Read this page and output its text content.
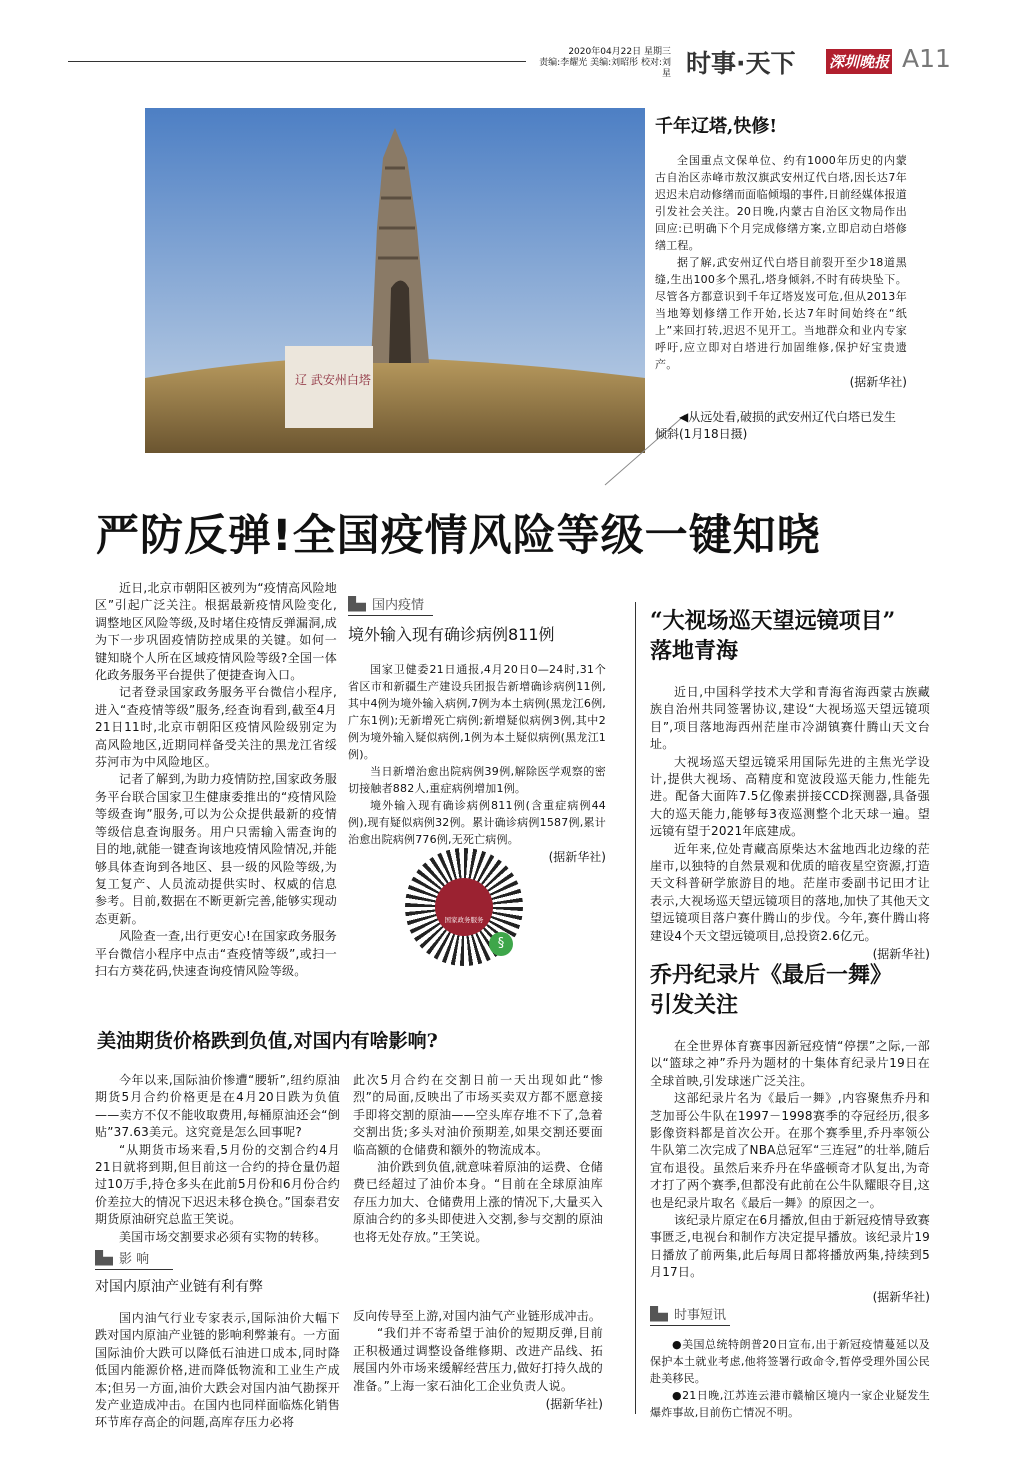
2020年04月22日 星期三
责编:李耀光 美编:刘昭彤 校对:刘星 时事·天下 深圳晚报 A11
辽 武安州白塔
千年辽塔,快修!

全国重点文保单位、约有1000年历史的内蒙古自治区赤峰市敖汉旗武安州辽代白塔,因长达7年迟迟未启动修缮而面临倾塌的事件,日前经媒体报道引发社会关注。20日晚,内蒙古自治区文物局作出回应:已明确下个月完成修缮方案,立即启动白塔修缮工程。

据了解,武安州辽代白塔目前裂开至少18道黑缝,生出100多个黑孔,塔身倾斜,不时有砖块坠下。尽管各方都意识到千年辽塔岌岌可危,但从2013年当地筹划修缮工作开始,长达7年时间始终在“纸上”来回打转,迟迟不见开工。当地群众和业内专家呼吁,应立即对白塔进行加固维修,保护好宝贵遗产。

(据新华社)
◀从远处看,破损的武安州辽代白塔已发生倾斜(1月18日摄)
严防反弹!全国疫情风险等级一键知晓

近日,北京市朝阳区被列为“疫情高风险地区”引起广泛关注。根据最新疫情风险变化,调整地区风险等级,及时堵住疫情反弹漏洞,成为下一步巩固疫情防控成果的关键。如何一键知晓个人所在区域疫情风险等级?全国一体化政务服务平台提供了便捷查询入口。

记者登录国家政务服务平台微信小程序,进入“查疫情等级”服务,经查询看到,截至4月21日11时,北京市朝阳区疫情风险级别定为高风险地区,近期同样备受关注的黑龙江省绥芬河市为中风险地区。

记者了解到,为助力疫情防控,国家政务服务平台联合国家卫生健康委推出的“疫情风险等级查询”服务,可以为公众提供最新的疫情等级信息查询服务。用户只需输入需查询的目的地,就能一键查询该地疫情风险情况,并能够具体查询到各地区、县一级的风险等级,为复工复产、人员流动提供实时、权威的信息参考。目前,数据在不断更新完善,能够实现动态更新。

风险查一查,出行更安心!在国家政务服务平台微信小程序中点击“查疫情等级”,或扫一扫右方葵花码,快速查询疫情风险等级。

国内疫情
境外输入现有确诊病例811例

国家卫健委21日通报,4月20日0—24时,31个省区市和新疆生产建设兵团报告新增确诊病例11例,其中4例为境外输入病例,7例为本土病例(黑龙江6例,广东1例);无新增死亡病例;新增疑似病例3例,其中2例为境外输入疑似病例,1例为本土疑似病例(黑龙江1例)。

当日新增治愈出院病例39例,解除医学观察的密切接触者882人,重症病例增加1例。

境外输入现有确诊病例811例(含重症病例44例),现有疑似病例32例。累计确诊病例1587例,累计治愈出院病例776例,无死亡病例。

(据新华社)
国家政务服务
§
“大视场巡天望远镜项目”
落地青海

近日,中国科学技术大学和青海省海西蒙古族藏族自治州共同签署协议,建设“大视场巡天望远镜项目”,项目落地海西州茫崖市冷湖镇赛什腾山天文台址。

大视场巡天望远镜采用国际先进的主焦光学设计,提供大视场、高精度和宽波段巡天能力,性能先进。配备大面阵7.5亿像素拼接CCD探测器,具备强大的巡天能力,能够每3夜巡测整个北天球一遍。望远镜有望于2021年底建成。

近年来,位处青藏高原柴达木盆地西北边缘的茫崖市,以独特的自然景观和优质的暗夜星空资源,打造天文科普研学旅游目的地。茫崖市委副书记田才让表示,大视场巡天望远镜项目的落地,加快了其他天文望远镜项目落户赛什腾山的步伐。今年,赛什腾山将建设4个天文望远镜项目,总投资2.6亿元。

(据新华社)
乔丹纪录片《最后一舞》
引发关注

在全世界体育赛事因新冠疫情“停摆”之际,一部以“篮球之神”乔丹为题材的十集体育纪录片19日在全球首映,引发球迷广泛关注。

这部纪录片名为《最后一舞》,内容聚焦乔丹和芝加哥公牛队在1997－1998赛季的夺冠经历,很多影像资料都是首次公开。在那个赛季里,乔丹率领公牛队第二次完成了NBA总冠军“三连冠”的壮举,随后宣布退役。虽然后来乔丹在华盛顿奇才队复出,为奇才打了两个赛季,但都没有此前在公牛队耀眼夺目,这也是纪录片取名《最后一舞》的原因之一。

该纪录片原定在6月播放,但由于新冠疫情导致赛事匮乏,电视台和制作方决定提早播放。该纪录片19日播放了前两集,此后每周日都将播放两集,持续到5月17日。

(据新华社)
时事短讯

●美国总统特朗普20日宣布,出于新冠疫情蔓延以及保护本土就业考虑,他将签署行政命令,暂停受理外国公民赴美移民。

●21日晚,江苏连云港市赣榆区境内一家企业疑发生爆炸事故,目前伤亡情况不明。

美油期货价格跌到负值,对国内有啥影响?

今年以来,国际油价惨遭“腰斩”,纽约原油期货5月合约价格更是在4月20日跌为负值——卖方不仅不能收取费用,每桶原油还会“倒贴”37.63美元。这究竟是怎么回事呢?

“从期货市场来看,5月份的交割合约4月21日就将到期,但目前这一合约的持仓量仍超过10万手,持仓多头在此前5月份和6月份合约价差拉大的情况下迟迟未移仓换仓。”国泰君安期货原油研究总监王笑说。

美国市场交割要求必须有实物的转移。

此次5月合约在交割日前一天出现如此“惨烈”的局面,反映出了市场买卖双方都不愿意接手即将交割的原油——空头库存堆不下了,急着交割出货;多头对油价预期差,如果交割还要面临高额的仓储费和额外的物流成本。

油价跌到负值,就意味着原油的运费、仓储费已经超过了油价本身。“目前在全球原油库存压力加大、仓储费用上涨的情况下,大量买入原油合约的多头即使进入交割,参与交割的原油也将无处存放。”王笑说。

影 响
对国内原油产业链有利有弊

国内油气行业专家表示,国际油价大幅下跌对国内原油产业链的影响利弊兼有。一方面国际油价大跌可以降低石油进口成本,同时降低国内能源价格,进而降低物流和工业生产成本;但另一方面,油价大跌会对国内油气勘探开发产业造成冲击。在国内也同样面临炼化销售环节库存高企的问题,高库存压力必将

反向传导至上游,对国内油气产业链形成冲击。

“我们并不寄希望于油价的短期反弹,目前正积极通过调整设备维修期、改进产品线、拓展国内外市场来缓解经营压力,做好打持久战的准备。”上海一家石油化工企业负责人说。

(据新华社)
